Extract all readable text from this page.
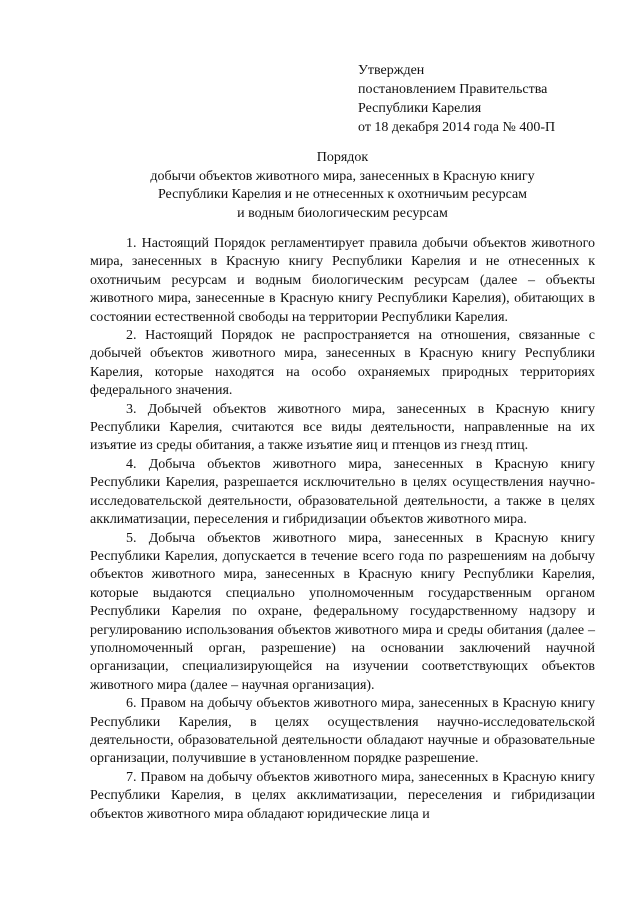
Утвержден
постановлением Правительства
Республики Карелия
от 18 декабря 2014 года № 400-П
Порядок
добычи объектов животного мира, занесенных в Красную книгу
Республики Карелия и не отнесенных к охотничьим ресурсам
и водным биологическим ресурсам

1. Настоящий Порядок регламентирует правила добычи объектов животного мира, занесенных в Красную книгу Республики Карелия и не отнесенных к охотничьим ресурсам и водным биологическим ресурсам (далее – объекты животного мира, занесенные в Красную книгу Республики Карелия), обитающих в состоянии естественной свободы на территории Республики Карелия.

2. Настоящий Порядок не распространяется на отношения, связанные с добычей объектов животного мира, занесенных в Красную книгу Республики Карелия, которые находятся на особо охраняемых природных территориях федерального значения.

3. Добычей объектов животного мира, занесенных в Красную книгу Республики Карелия, считаются все виды деятельности, направленные на их изъятие из среды обитания, а также изъятие яиц и птенцов из гнезд птиц.

4. Добыча объектов животного мира, занесенных в Красную книгу Республики Карелия, разрешается исключительно в целях осуществления научно-исследовательской деятельности, образовательной деятельности, а также в целях акклиматизации, переселения и гибридизации объектов животного мира.

5. Добыча объектов животного мира, занесенных в Красную книгу Республики Карелия, допускается в течение всего года по разрешениям на добычу объектов животного мира, занесенных в Красную книгу Республики Карелия, которые выдаются специально уполномоченным государственным органом Республики Карелия по охране, федеральному государственному надзору и регулированию использования объектов животного мира и среды обитания (далее – уполномоченный орган, разрешение) на основании заключений научной организации, специализирующейся на изучении соответствующих объектов животного мира (далее – научная организация).

6. Правом на добычу объектов животного мира, занесенных в Красную книгу Республики Карелия, в целях осуществления научно-исследовательской деятельности, образовательной деятельности обладают научные и образовательные организации, получившие в установленном порядке разрешение.

7. Правом на добычу объектов животного мира, занесенных в Красную книгу Республики Карелия, в целях акклиматизации, переселения и гибридизации объектов животного мира обладают юридические лица и
